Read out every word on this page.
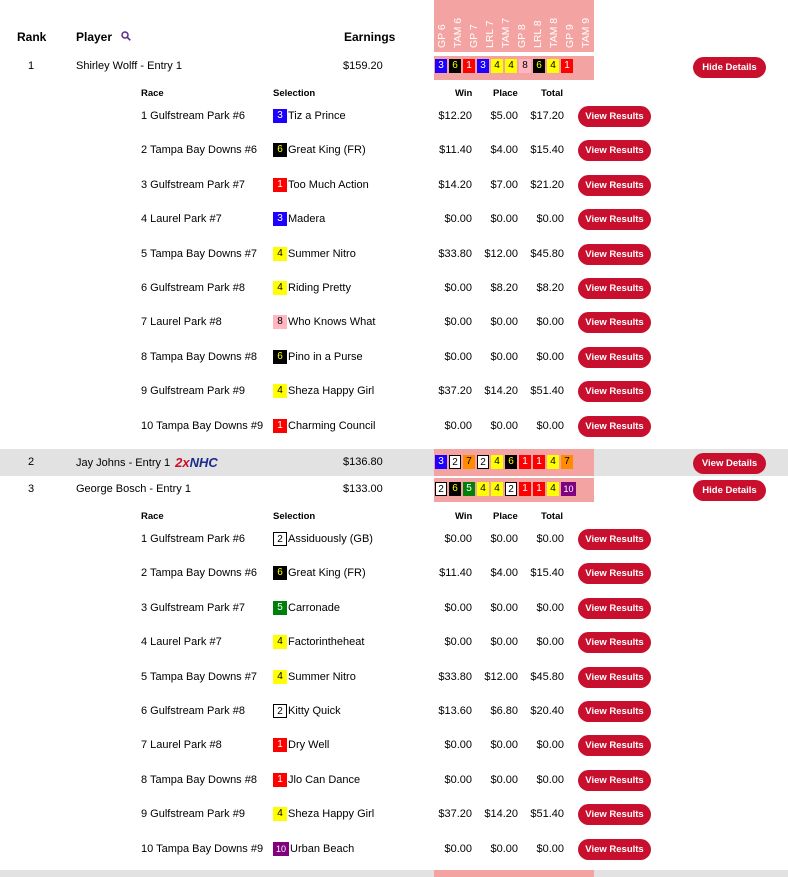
Rank Player	Earnings	GP 6 TAM 6 GP 7 LRL 7 TAM 7 GP 8 LRL 8 TAM 8 GP 9 TAM 9
1	Shirley Wolff - Entry 1	$159.20	3 6 1 3 4 4 8 6 4 1	Hide Details
Race	Selection	Win Place Total
1 Gulfstream Park #6	3 Tiz a Prince	$12.20 $5.00 $17.20	View Results
2 Tampa Bay Downs #6	6 Great King (FR)	$11.40 $4.00 $15.40	View Results
3 Gulfstream Park #7	1 Too Much Action	$14.20 $7.00 $21.20	View Results
4 Laurel Park #7	3 Madera	$0.00 $0.00 $0.00	View Results
5 Tampa Bay Downs #7	4 Summer Nitro	$33.80 $12.00 $45.80	View Results
6 Gulfstream Park #8	4 Riding Pretty	$0.00 $8.20 $8.20	View Results
7 Laurel Park #8	8 Who Knows What	$0.00 $0.00 $0.00	View Results
8 Tampa Bay Downs #8	6 Pino in a Purse	$0.00 $0.00 $0.00	View Results
9 Gulfstream Park #9	4 Sheza Happy Girl	$37.20 $14.20 $51.40	View Results
10 Tampa Bay Downs #9	1 Charming Council	$0.00 $0.00 $0.00	View Results
2	Jay Johns - Entry 1 2xNHC	$136.80	3 2 7 2 4 6 1 1 4 7	View Details
3	George Bosch - Entry 1	$133.00	2 6 5 4 4 2 1 1 4 10	Hide Details
Race	Selection	Win Place Total
1 Gulfstream Park #6	2 Assiduously (GB)	$0.00 $0.00 $0.00	View Results
2 Tampa Bay Downs #6	6 Great King (FR)	$11.40 $4.00 $15.40	View Results
3 Gulfstream Park #7	5 Carronade	$0.00 $0.00 $0.00	View Results
4 Laurel Park #7	4 Factorintheheat	$0.00 $0.00 $0.00	View Results
5 Tampa Bay Downs #7	4 Summer Nitro	$33.80 $12.00 $45.80	View Results
6 Gulfstream Park #8	2 Kitty Quick	$13.60 $6.80 $20.40	View Results
7 Laurel Park #8	1 Dry Well	$0.00 $0.00 $0.00	View Results
8 Tampa Bay Downs #8	1 Jlo Can Dance	$0.00 $0.00 $0.00	View Results
9 Gulfstream Park #9	4 Sheza Happy Girl	$37.20 $14.20 $51.40	View Results
10 Tampa Bay Downs #9	10 Urban Beach	$0.00 $0.00 $0.00	View Results
